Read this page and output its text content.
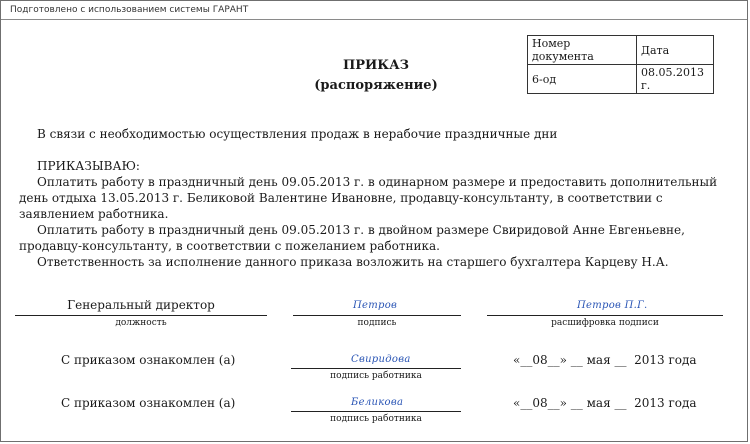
Подготовлено с использованием системы ГАРАНТ
Номер документа	Дата
6-од	08.05.2013 г.
ПРИКАЗ
(распоряжение)

В связи с необходимостью осуществления продаж в нерабочие праздничные дни

ПРИКАЗЫВАЮ:

Оплатить работу в праздничный день 09.05.2013 г. в одинарном размере и предоставить дополнительный день отдыха 13.05.2013 г. Беликовой Валентине Ивановне, продавцу-консультанту, в соответствии с заявлением работника.

Оплатить работу в праздничный день 09.05.2013 г. в двойном размере Свиридовой Анне Евгеньевне, продавцу-консультанту, в соответствии с пожеланием работника.

Ответственность за исполнение данного приказа возложить на старшего бухгалтера Карцеву Н.А.

Генеральный директор
должность
Петров
подпись
Петров П.Г.
расшифровка подписи
С приказом ознакомлен (а)	Свиридова
подпись работника
«__08__» __ мая __  2013 года
С приказом ознакомлен (а)	Беликова
подпись работника
«__08__» __ мая __  2013 года
